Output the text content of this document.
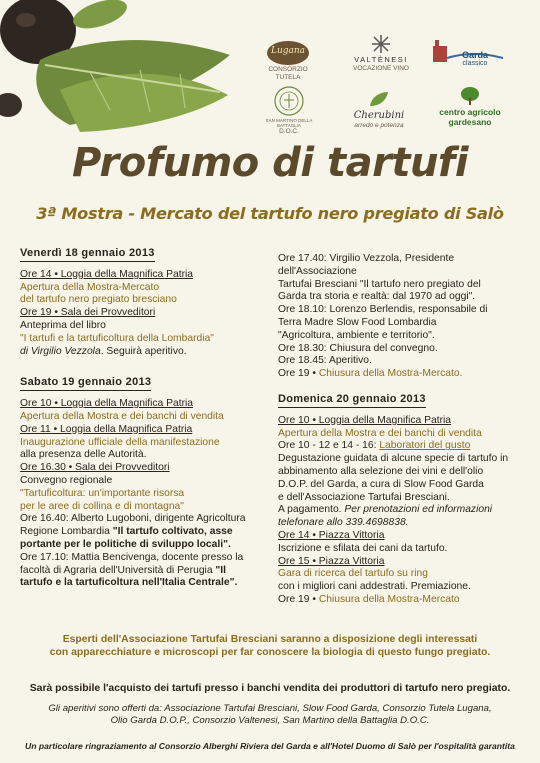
Lugana
CONSORZIO TUTELA
VALTÈNESI
VOCAZIONE VINO
Garda
classico
SAN MARTINO DELLA BATTAGLIA
D.O.C.
Cherubini
arredo e potenza
centro agricolo
gardesano
Profumo di tartufi
3ª Mostra - Mercato del tartufo nero pregiato di Salò
Venerdì 18 gennaio 2013

Ore 14 • Loggia della Magnifica Patria

Apertura della Mostra-Mercato

del tartufo nero pregiato bresciano

Ore 19 • Sala dei Provveditori

Anteprima del libro

"I tartufi e la tartuficoltura della Lombardia"

di Virgilio Vezzola. Seguirà aperitivo.

Sabato 19 gennaio 2013

Ore 10 • Loggia della Magnifica Patria

Apertura della Mostra e dei banchi di vendita

Ore 11 • Loggia della Magnifica Patria

Inaugurazione ufficiale della manifestazione

alla presenza delle Autorità.

Ore 16.30 • Sala dei Provveditori

Convegno regionale

"Tartuficoltura: un'importante risorsa

per le aree di collina e di montagna"

Ore 16.40: Alberto Lugoboni, dirigente Agricoltura

Regione Lombardia "Il tartufo coltivato, asse

portante per le politiche di sviluppo locali".

Ore 17.10: Mattia Bencivenga, docente presso la

facoltà di Agraria dell'Università di Perugia "Il

tartufo e la tartuficoltura nell'Italia Centrale".

Ore 17.40: Virgilio Vezzola, Presidente dell'Associazione

Tartufai Bresciani "Il tartufo nero pregiato del

Garda tra storia e realtà: dal 1970 ad oggi".

Ore 18.10: Lorenzo Berlendis, responsabile di

Terra Madre Slow Food Lombardia

"Agricoltura, ambiente e territorio".

Ore 18.30: Chiusura del convegno.

Ore 18.45: Aperitivo.

Ore 19 • Chiusura della Mostra-Mercato.

Domenica 20 gennaio 2013

Ore 10 • Loggia della Magnifica Patria

Apertura della Mostra e dei banchi di vendita

Ore 10 - 12 e 14 - 16: Laboratori del gusto

Degustazione guidata di alcune specie di tartufo in

abbinamento alla selezione dei vini e dell'olio

D.O.P. del Garda, a cura di Slow Food Garda

e dell'Associazione Tartufai Bresciani.

A pagamento. Per prenotazioni ed informazioni

telefonare allo 339.4698838.

Ore 14 • Piazza Vittoria

Iscrizione e sfilata dei cani da tartufo.

Ore 15 • Piazza Vittoria

Gara di ricerca del tartufo su ring

con i migliori cani addestrati. Premiazione.

Ore 19 • Chiusura della Mostra-Mercato

Esperti dell'Associazione Tartufai Bresciani saranno a disposizione degli interessati
con apparecchiature e microscopi per far conoscere la biologia di questo fungo pregiato.
Sarà possibile l'acquisto dei tartufi presso i banchi vendita dei produttori di tartufo nero pregiato.
Gli aperitivi sono offerti da: Associazione Tartufai Bresciani, Slow Food Garda, Consorzio Tutela Lugana,
Olio Garda D.O.P., Consorzio Valtenesi, San Martino della Battaglia D.O.C.
Un particolare ringraziamento al Consorzio Alberghi Riviera del Garda e all'Hotel Duomo di Salò per l'ospitalità garantita
